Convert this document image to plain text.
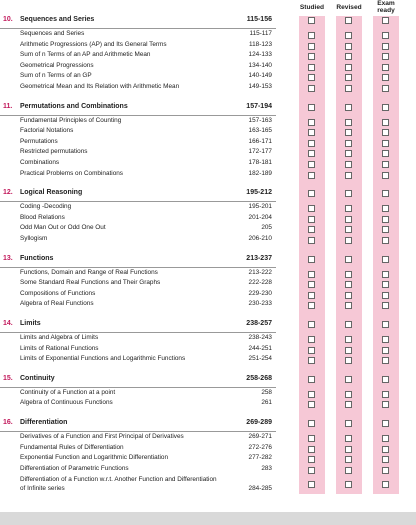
10. Sequences and Series	115-156
Sequences and Series	115-117
Arithmetic Progressions (AP) and Its General Terms	118-123
Sum of n Terms of an AP and Arithmetic Mean	124-133
Geometrical Progressions	134-140
Sum of n Terms of an GP	140-149
Geometrical Mean and Its Relation with Arithmetic Mean	149-153
11. Permutations and Combinations	157-194
Fundamental Principles of Counting	157-163
Factorial Notations	163-165
Permutations	166-171
Restricted permutations	172-177
Combinations	178-181
Practical Problems on Combinations	182-189
12. Logical Reasoning	195-212
Coding -Decoding	195-201
Blood Relations	201-204
Odd Man Out or Odd One Out	205
Syllogism	206-210
13. Functions	213-237
Functions, Domain and Range of Real Functions	213-222
Some Standard Real Functions and Their Graphs	222-228
Compositions of Functions	229-230
Algebra of Real Functions	230-233
14. Limits	238-257
Limits and Algebra of Limits	238-243
Limits of Rational Functions	244-251
Limits of Exponential Functions and Logarithmic Functions	251-254
15. Continuity	258-268
Continuity of a Function at a point	258
Algebra of Continuous Functions	261
16. Differentiation	269-289
Derivatives of a Function and First Principal of Derivatives	269-271
Fundamental Rules of Differentiation	272-276
Exponential Function and Logarithmic Differentiation	277-282
Differentiation of Parametric Functions	283
Differentiation of a Function w.r.t. Another Function and Differentiation of Infinite series	284-285
Studied	Revised
Exam
ready
